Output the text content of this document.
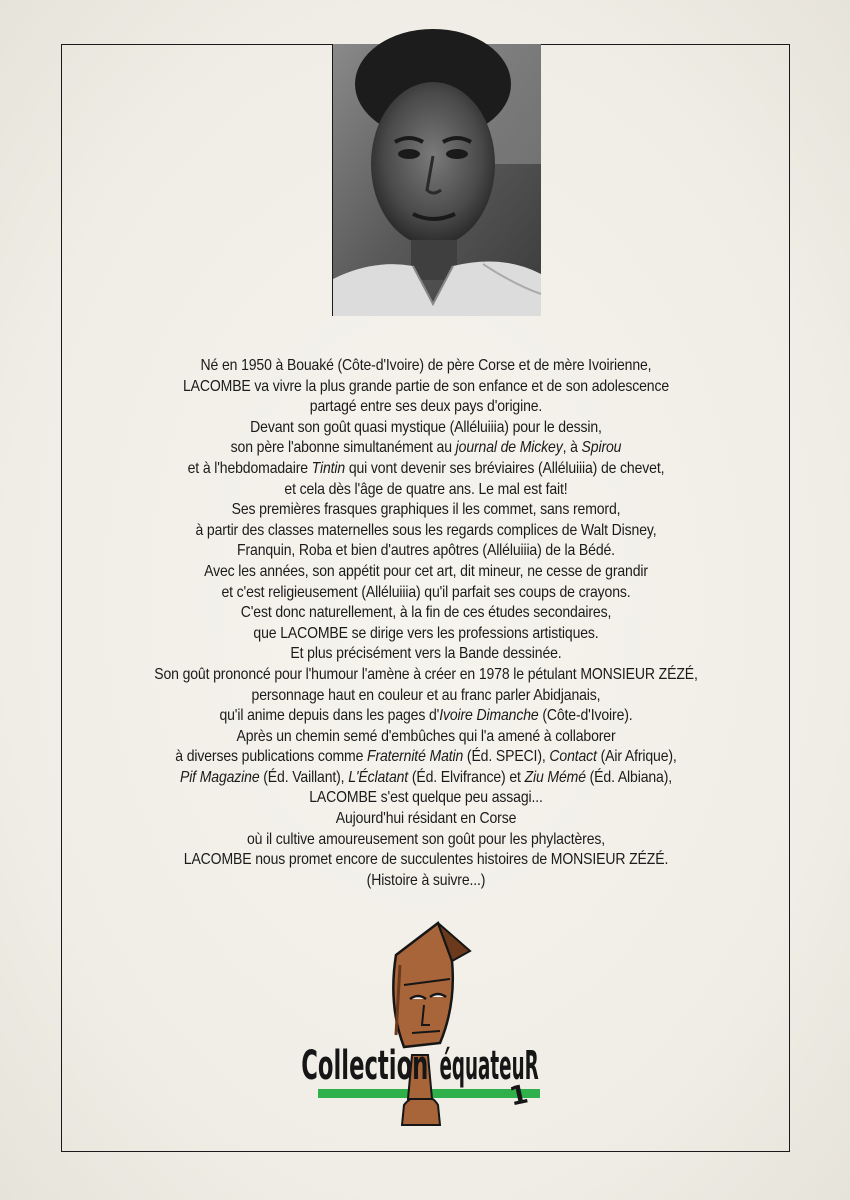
Né en 1950 à Bouaké (Côte-d'Ivoire) de père Corse et de mère Ivoirienne,
LACOMBE va vivre la plus grande partie de son enfance et de son adolescence
partagé entre ses deux pays d'origine.
Devant son goût quasi mystique (Alléluiiia) pour le dessin,
son père l'abonne simultanément au journal de Mickey, à Spirou
et à l'hebdomadaire Tintin qui vont devenir ses bréviaires (Alléluiiia) de chevet,
et cela dès l'âge de quatre ans. Le mal est fait!
Ses premières frasques graphiques il les commet, sans remord,
à partir des classes maternelles sous les regards complices de Walt Disney,
Franquin, Roba et bien d'autres apôtres (Alléluiiia) de la Bédé.
Avec les années, son appétit pour cet art, dit mineur, ne cesse de grandir
et c'est religieusement (Alléluiiia) qu'il parfait ses coups de crayons.
C'est donc naturellement, à la fin de ces études secondaires,
que LACOMBE se dirige vers les professions artistiques.
Et plus précisément vers la Bande dessinée.
Son goût prononcé pour l'humour l'amène à créer en 1978 le pétulant MONSIEUR ZÉZÉ,
personnage haut en couleur et au franc parler Abidjanais,
qu'il anime depuis dans les pages d'Ivoire Dimanche (Côte-d'Ivoire).
Après un chemin semé d'embûches qui l'a amené à collaborer
à diverses publications comme Fraternité Matin (Éd. SPECI), Contact (Air Afrique),
Pif Magazine (Éd. Vaillant), L'Éclatant (Éd. Elvifrance) et Ziu Mémé (Éd. Albiana),
LACOMBE s'est quelque peu assagi...
Aujourd'hui résidant en Corse
où il cultive amoureusement son goût pour les phylactères,
LACOMBE nous promet encore de succulentes histoires de MONSIEUR ZÉZÉ.
(Histoire à suivre...)
Collection équateuR
1
